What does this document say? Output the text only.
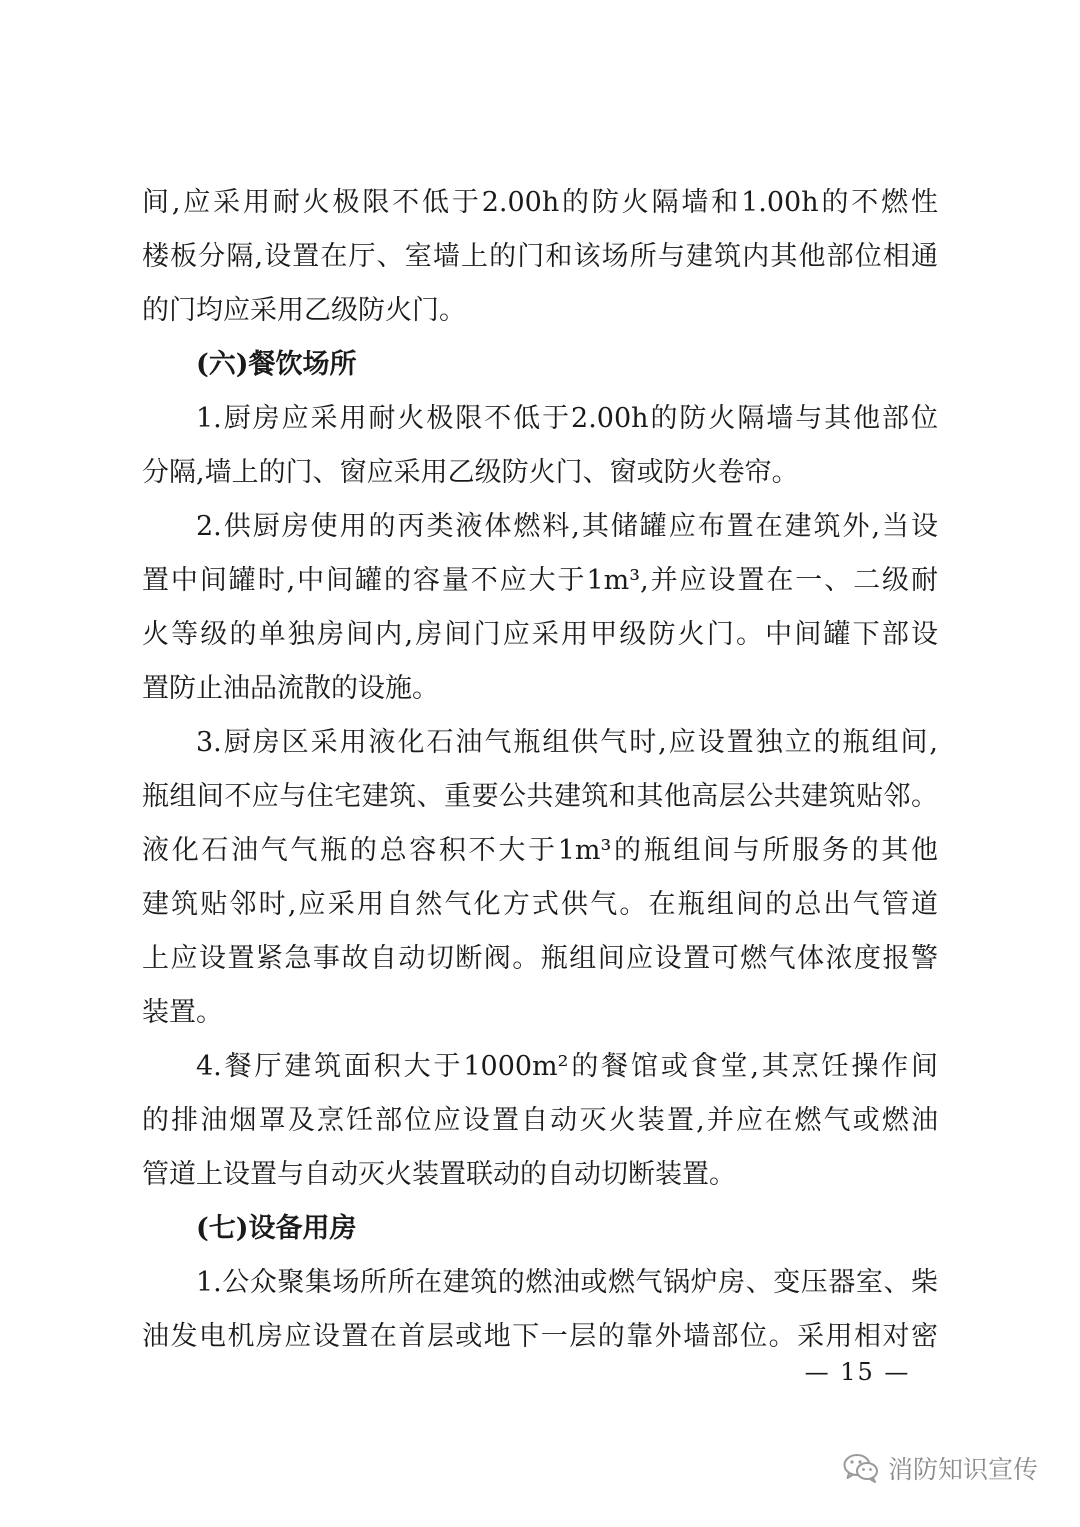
间,应采用耐火极限不低于2.00h的防火隔墙和1.00h的不燃性
楼板分隔,设置在厅、室墙上的门和该场所与建筑内其他部位相通
的门均应采用乙级防火门。
(六)餐饮场所
1.厨房应采用耐火极限不低于2.00h的防火隔墙与其他部位
分隔,墙上的门、窗应采用乙级防火门、窗或防火卷帘。
2.供厨房使用的丙类液体燃料,其储罐应布置在建筑外,当设
置中间罐时,中间罐的容量不应大于1m³,并应设置在一、二级耐
火等级的单独房间内,房间门应采用甲级防火门。中间罐下部设
置防止油品流散的设施。
3.厨房区采用液化石油气瓶组供气时,应设置独立的瓶组间,
瓶组间不应与住宅建筑、重要公共建筑和其他高层公共建筑贴邻。
液化石油气气瓶的总容积不大于1m³的瓶组间与所服务的其他
建筑贴邻时,应采用自然气化方式供气。在瓶组间的总出气管道
上应设置紧急事故自动切断阀。瓶组间应设置可燃气体浓度报警
装置。
4.餐厅建筑面积大于1000m²的餐馆或食堂,其烹饪操作间
的排油烟罩及烹饪部位应设置自动灭火装置,并应在燃气或燃油
管道上设置与自动灭火装置联动的自动切断装置。
(七)设备用房
1.公众聚集场所所在建筑的燃油或燃气锅炉房、变压器室、柴
油发电机房应设置在首层或地下一层的靠外墙部位。采用相对密
— 15 —
消防知识宣传
